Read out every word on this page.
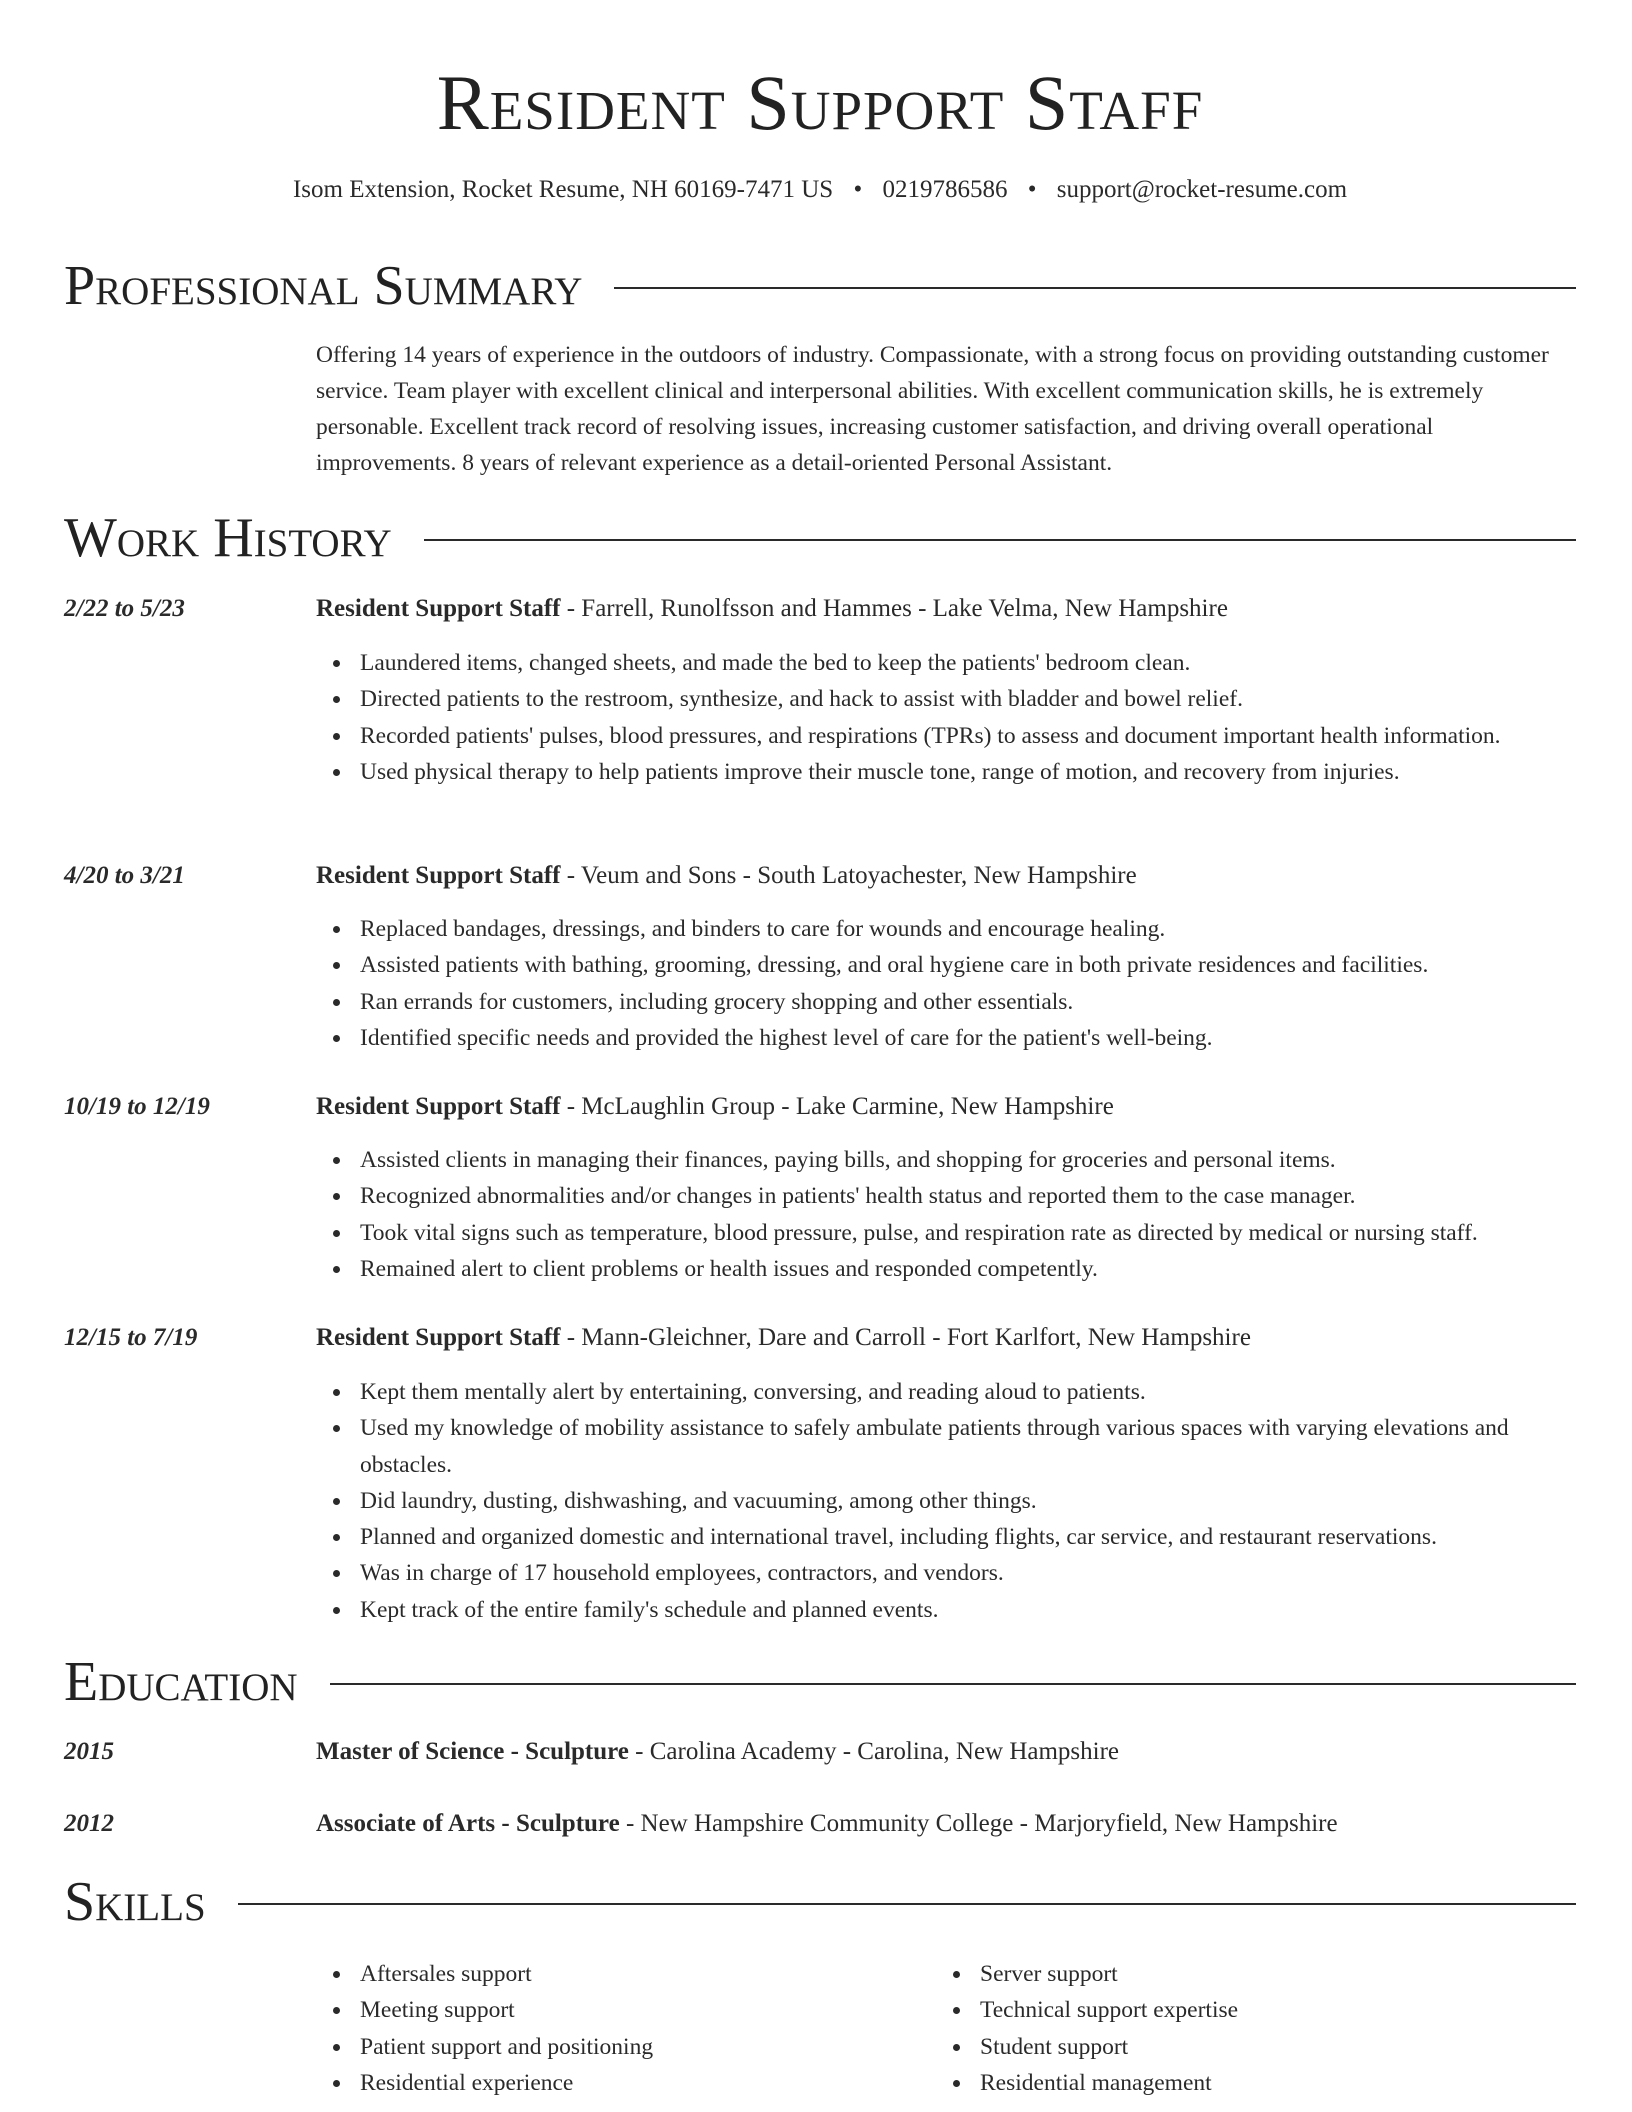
Resident Support Staff
Isom Extension, Rocket Resume, NH 60169-7471 US • 0219786586 • support@rocket-resume.com
Professional Summary
Offering 14 years of experience in the outdoors of industry. Compassionate, with a strong focus on providing outstanding customer service. Team player with excellent clinical and interpersonal abilities. With excellent communication skills, he is extremely personable. Excellent track record of resolving issues, increasing customer satisfaction, and driving overall operational improvements. 8 years of relevant experience as a detail-oriented Personal Assistant.
Work History
2/22 to 5/23	Resident Support Staff - Farrell, Runolfsson and Hammes - Lake Velma, New Hampshire
Laundered items, changed sheets, and made the bed to keep the patients' bedroom clean.
Directed patients to the restroom, synthesize, and hack to assist with bladder and bowel relief.
Recorded patients' pulses, blood pressures, and respirations (TPRs) to assess and document important health information.
Used physical therapy to help patients improve their muscle tone, range of motion, and recovery from injuries.
4/20 to 3/21	Resident Support Staff - Veum and Sons - South Latoyachester, New Hampshire
Replaced bandages, dressings, and binders to care for wounds and encourage healing.
Assisted patients with bathing, grooming, dressing, and oral hygiene care in both private residences and facilities.
Ran errands for customers, including grocery shopping and other essentials.
Identified specific needs and provided the highest level of care for the patient's well-being.
10/19 to 12/19	Resident Support Staff - McLaughlin Group - Lake Carmine, New Hampshire
Assisted clients in managing their finances, paying bills, and shopping for groceries and personal items.
Recognized abnormalities and/or changes in patients' health status and reported them to the case manager.
Took vital signs such as temperature, blood pressure, pulse, and respiration rate as directed by medical or nursing staff.
Remained alert to client problems or health issues and responded competently.
12/15 to 7/19	Resident Support Staff - Mann-Gleichner, Dare and Carroll - Fort Karlfort, New Hampshire
Kept them mentally alert by entertaining, conversing, and reading aloud to patients.
Used my knowledge of mobility assistance to safely ambulate patients through various spaces with varying elevations and obstacles.
Did laundry, dusting, dishwashing, and vacuuming, among other things.
Planned and organized domestic and international travel, including flights, car service, and restaurant reservations.
Was in charge of 17 household employees, contractors, and vendors.
Kept track of the entire family's schedule and planned events.
Education
2015	Master of Science - Sculpture - Carolina Academy - Carolina, New Hampshire
2012	Associate of Arts - Sculpture - New Hampshire Community College - Marjoryfield, New Hampshire
Skills
Aftersales support
Meeting support
Patient support and positioning
Residential experience
Server support
Technical support expertise
Student support
Residential management
